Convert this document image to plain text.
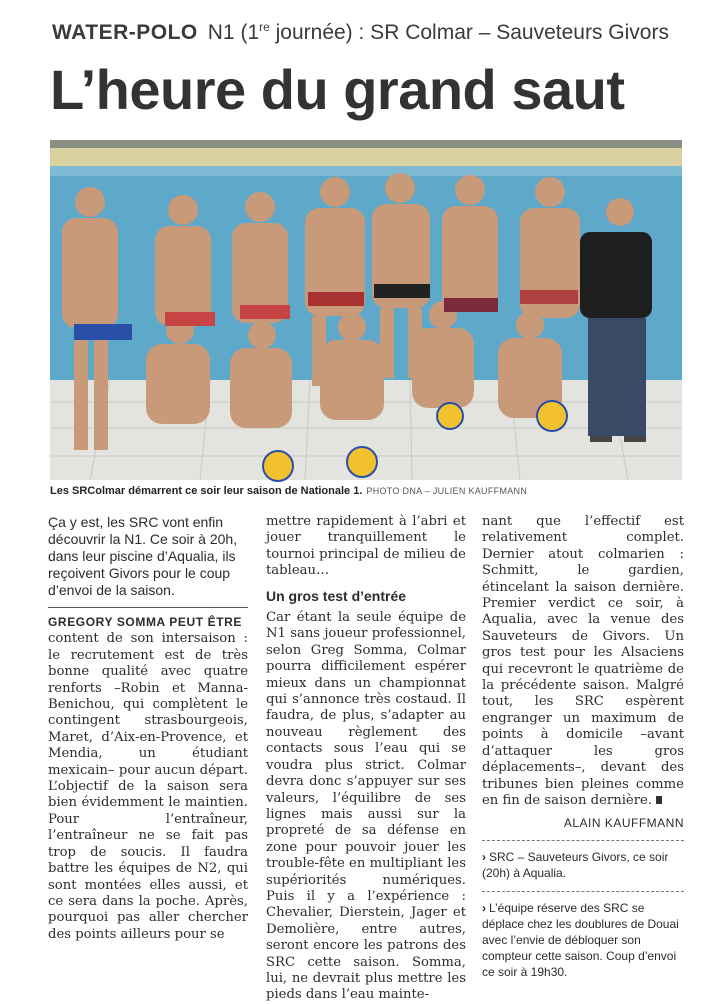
WATER-POLO N1 (1re journée) : SR Colmar – Sauveteurs Givors
L’heure du grand saut
Les SRColmar démarrent ce soir leur saison de Nationale 1. PHOTO DNA – JULIEN KAUFFMANN

Ça y est, les SRC vont enfin découvrir la N1. Ce soir à 20h, dans leur piscine d’Aqualia, ils reçoivent Givors pour le coup d’envoi de la saison.

GREGORY SOMMA PEUT ÊTRE
content de son intersaison : le recrutement est de très bonne qualité avec quatre renforts –Robin et Manna-Benichou, qui complètent le contingent strasbourgeois, Maret, d’Aix-en-Provence, et Mendia, un étudiant mexicain– pour aucun départ. L’objectif de la saison sera bien évidemment le maintien. Pour l’entraîneur, l’entraîneur ne se fait pas trop de soucis. Il faudra battre les équipes de N2, qui sont montées elles aussi, et ce sera dans la poche. Après, pourquoi pas aller chercher des points ailleurs pour se

mettre rapidement à l’abri et jouer tranquillement le tournoi principal de milieu de tableau…

Un gros test d’entrée

Car étant la seule équipe de N1 sans joueur professionnel, selon Greg Somma, Colmar pourra difficilement espérer mieux dans un championnat qui s’annonce très costaud. Il faudra, de plus, s’adapter au nouveau règlement des contacts sous l’eau qui se voudra plus strict. Colmar devra donc s’appuyer sur ses valeurs, l’équilibre de ses lignes mais aussi sur la propreté de sa défense en zone pour pouvoir jouer les trouble-fête en multipliant les supériorités numériques. Puis il y a l’expérience : Chevalier, Dierstein, Jager et Demolière, entre autres, seront encore les patrons des SRC cette saison. Somma, lui, ne devrait plus mettre les pieds dans l’eau mainte-

nant que l’effectif est relativement complet. Dernier atout colmarien : Schmitt, le gardien, étincelant la saison dernière. Premier verdict ce soir, à Aqualia, avec la venue des Sauveteurs de Givors. Un gros test pour les Alsaciens qui recevront le quatrième de la précédente saison. Malgré tout, les SRC espèrent engranger un maximum de points à domicile –avant d’attaquer les gros déplacements–, devant des tribunes bien pleines comme en fin de saison dernière.

ALAIN KAUFFMANN

› SRC – Sauveteurs Givors, ce soir (20h) à Aqualia.

› L’équipe réserve des SRC se déplace chez les doublures de Douai avec l’envie de débloquer son compteur cette saison. Coup d’envoi ce soir à 19h30.
